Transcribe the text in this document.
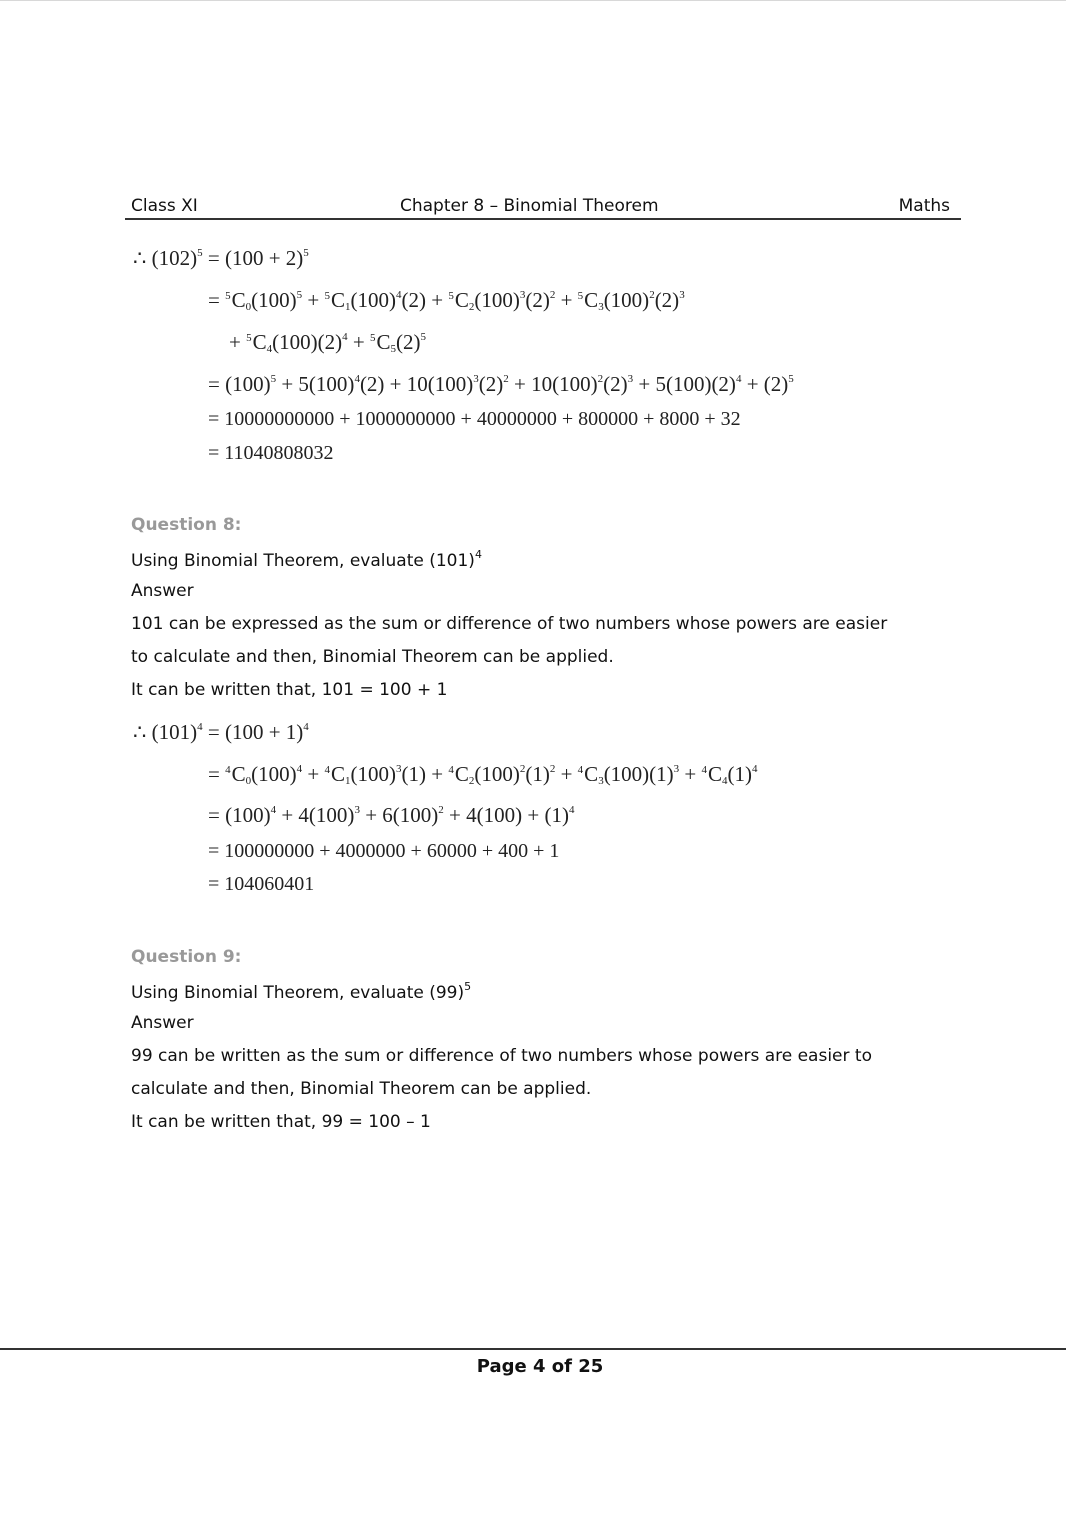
Class XI	Chapter 8 – Binomial Theorem	Maths
∴ $(102)^5 = (100 + 2)^5$
= $^5C_0(100)^5 + ^5C_1(100)^4(2) + ^5C_2(100)^3(2)^2 + ^5C_3(100)^2(2)^3$
+ $^5C_4(100)(2)^4 + ^5C_5(2)^5$
= $(100)^5 + 5(100)^4(2) + 10(100)^3(2)^2 + 10(100)^2(2)^3 + 5(100)(2)^4 + (2)^5$
= 10000000000 + 1000000000 + 40000000 + 800000 + 8000 + 32
= 11040808032
Question 8:
Using Binomial Theorem, evaluate $(101)^4$
Answer
101 can be expressed as the sum or difference of two numbers whose powers are easier
to calculate and then, Binomial Theorem can be applied.
It can be written that, 101 = 100 + 1
∴ $(101)^4 = (100 + 1)^4$
= $^4C_0(100)^4 + ^4C_1(100)^3(1) + ^4C_2(100)^2(1)^2 + ^4C_3(100)(1)^3 + ^4C_4(1)^4$
= $(100)^4 + 4(100)^3 + 6(100)^2 + 4(100) + (1)^4$
= 100000000 + 4000000 + 60000 + 400 + 1
= 104060401
Question 9:
Using Binomial Theorem, evaluate $(99)^5$
Answer
99 can be written as the sum or difference of two numbers whose powers are easier to
calculate and then, Binomial Theorem can be applied.
It can be written that, 99 = 100 – 1
Page 4 of 25
